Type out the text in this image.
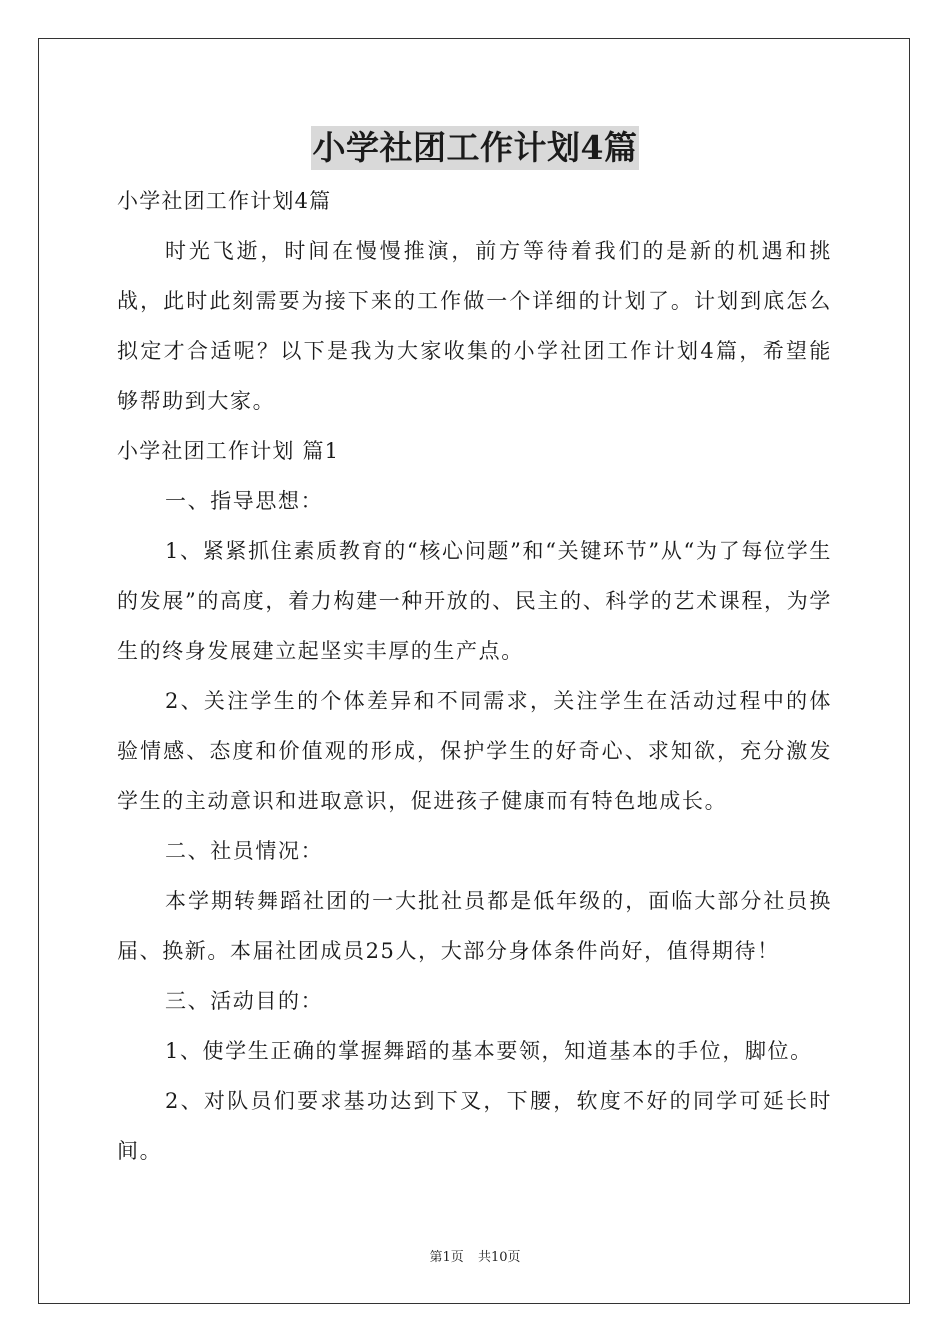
小学社团工作计划4篇

小学社团工作计划4篇

时光飞逝，时间在慢慢推演，前方等待着我们的是新的机遇和挑战，此时此刻需要为接下来的工作做一个详细的计划了。计划到底怎么拟定才合适呢？以下是我为大家收集的小学社团工作计划4篇，希望能够帮助到大家。

小学社团工作计划 篇1

一、指导思想：

1、紧紧抓住素质教育的“核心问题”和“关键环节”从“为了每位学生的发展”的高度，着力构建一种开放的、民主的、科学的艺术课程，为学生的终身发展建立起坚实丰厚的生产点。

2、关注学生的个体差异和不同需求，关注学生在活动过程中的体验情感、态度和价值观的形成，保护学生的好奇心、求知欲，充分激发学生的主动意识和进取意识，促进孩子健康而有特色地成长。

二、社员情况：

本学期转舞蹈社团的一大批社员都是低年级的，面临大部分社员换届、换新。本届社团成员25人，大部分身体条件尚好，值得期待！

三、活动目的：

1、使学生正确的掌握舞蹈的基本要领，知道基本的手位，脚位。

2、对队员们要求基功达到下叉，下腰，软度不好的同学可延长时间。

第1页 共10页
